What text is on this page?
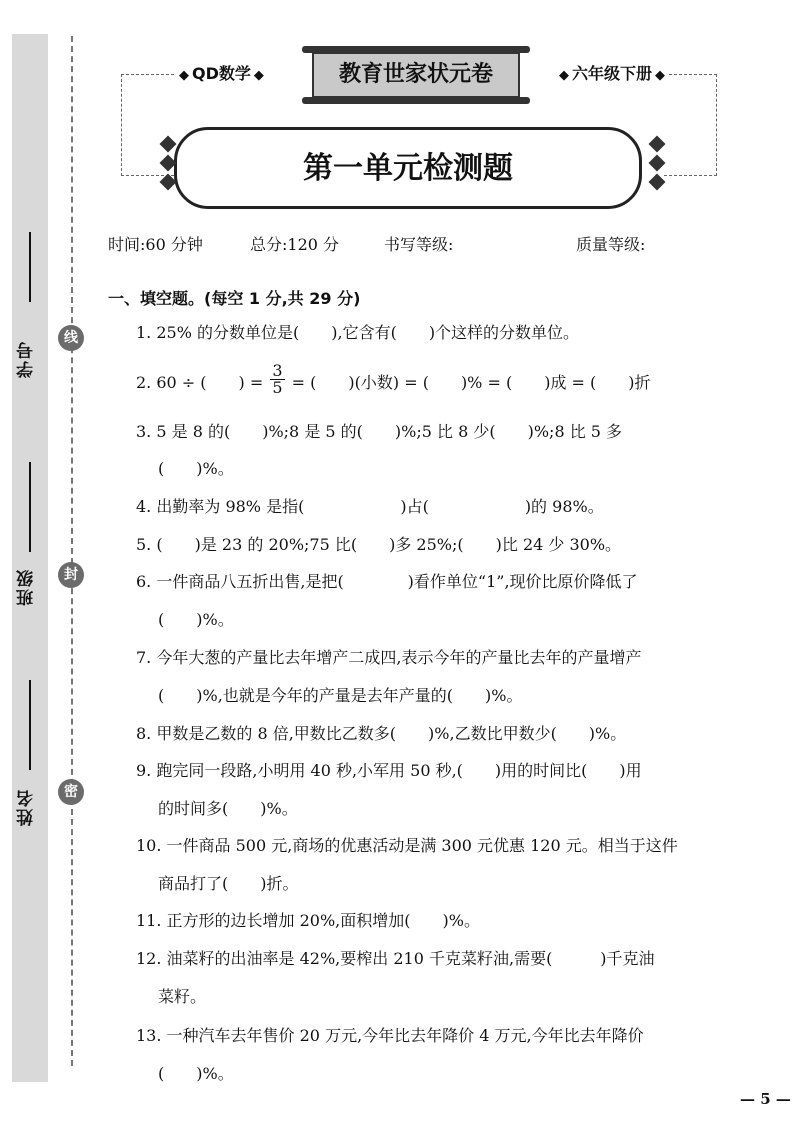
学号
班级
姓名
线
封
密
◆ QD数学 ◆	◆ 六年级下册 ◆
教育世家状元卷
第一单元检测题
时间:60 分钟	总分:120 分	书写等级:	质量等级:
一、填空题。(每空 1 分,共 29 分)
1. 25% 的分数单位是(　　),它含有(　　)个这样的分数单位。
2. 60 ÷ (　　) = $\frac{3}{5}$ = (　　)(小数) = (　　)% = (　　)成 = (　　)折
3. 5 是 8 的(　　)%;8 是 5 的(　　)%;5 比 8 少(　　)%;8 比 5 多
(　　)%。
4. 出勤率为 98% 是指(　　　　　　)占(　　　　　　)的 98%。
5. (　　)是 23 的 20%;75 比(　　)多 25%;(　　)比 24 少 30%。
6. 一件商品八五折出售,是把(　　　　)看作单位“1”,现价比原价降低了
(　　)%。
7. 今年大葱的产量比去年增产二成四,表示今年的产量比去年的产量增产
(　　)%,也就是今年的产量是去年产量的(　　)%。
8. 甲数是乙数的 8 倍,甲数比乙数多(　　)%,乙数比甲数少(　　)%。
9. 跑完同一段路,小明用 40 秒,小军用 50 秒,(　　)用的时间比(　　)用
的时间多(　　)%。
10. 一件商品 500 元,商场的优惠活动是满 300 元优惠 120 元。相当于这件
商品打了(　　)折。
11. 正方形的边长增加 20%,面积增加(　　)%。
12. 油菜籽的出油率是 42%,要榨出 210 千克菜籽油,需要(　　　)千克油
菜籽。
13. 一种汽车去年售价 20 万元,今年比去年降价 4 万元,今年比去年降价
(　　)%。
— 5 —
